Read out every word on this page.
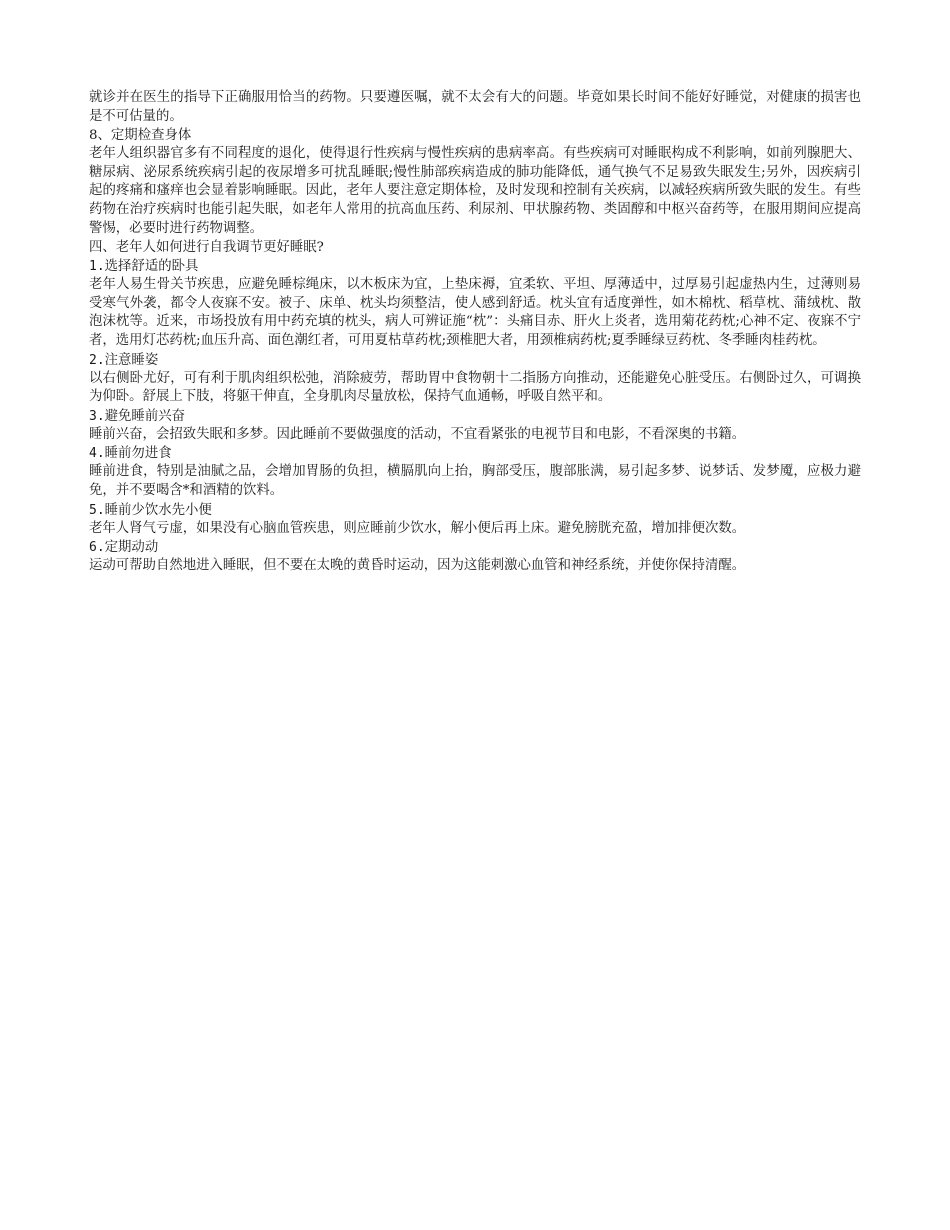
就诊并在医生的指导下正确服用恰当的药物。只要遵医嘱，就不太会有大的问题。毕竟如果长时间不能好好睡觉，对健康的损害也是不可估量的。

8、定期检查身体

老年人组织器官多有不同程度的退化，使得退行性疾病与慢性疾病的患病率高。有些疾病可对睡眠构成不利影响，如前列腺肥大、糖尿病、泌尿系统疾病引起的夜尿增多可扰乱睡眠;慢性肺部疾病造成的肺功能降低，通气换气不足易致失眠发生;另外，因疾病引起的疼痛和瘙痒也会显着影响睡眠。因此，老年人要注意定期体检，及时发现和控制有关疾病，以减轻疾病所致失眠的发生。有些药物在治疗疾病时也能引起失眠，如老年人常用的抗高血压药、利尿剂、甲状腺药物、类固醇和中枢兴奋药等，在服用期间应提高警惕，必要时进行药物调整。

四、老年人如何进行自我调节更好睡眠?

1.选择舒适的卧具

老年人易生骨关节疾患，应避免睡棕绳床，以木板床为宜，上垫床褥，宜柔软、平坦、厚薄适中，过厚易引起虚热内生，过薄则易受寒气外袭，都令人夜寐不安。被子、床单、枕头均须整洁，使人感到舒适。枕头宜有适度弹性，如木棉枕、稻草枕、蒲绒枕、散泡沫枕等。近来，市场投放有用中药充填的枕头，病人可辨证施“枕”：头痛目赤、肝火上炎者，选用菊花药枕;心神不定、夜寐不宁者，选用灯芯药枕;血压升高、面色潮红者，可用夏枯草药枕;颈椎肥大者，用颈椎病药枕;夏季睡绿豆药枕、冬季睡肉桂药枕。

2.注意睡姿

以右侧卧尤好，可有利于肌肉组织松弛，消除疲劳，帮助胃中食物朝十二指肠方向推动，还能避免心脏受压。右侧卧过久，可调换为仰卧。舒展上下肢，将躯干伸直，全身肌肉尽量放松，保持气血通畅，呼吸自然平和。

3.避免睡前兴奋

睡前兴奋，会招致失眠和多梦。因此睡前不要做强度的活动，不宜看紧张的电视节目和电影，不看深奥的书籍。

4.睡前勿进食

睡前进食，特别是油腻之品，会增加胃肠的负担，横膈肌向上抬，胸部受压，腹部胀满，易引起多梦、说梦话、发梦魇，应极力避免，并不要喝含*和酒精的饮料。

5.睡前少饮水先小便

老年人肾气亏虚，如果没有心脑血管疾患，则应睡前少饮水，解小便后再上床。避免膀胱充盈，增加排便次数。

6.定期动动

运动可帮助自然地进入睡眠，但不要在太晚的黄昏时运动，因为这能刺激心血管和神经系统，并使你保持清醒。
